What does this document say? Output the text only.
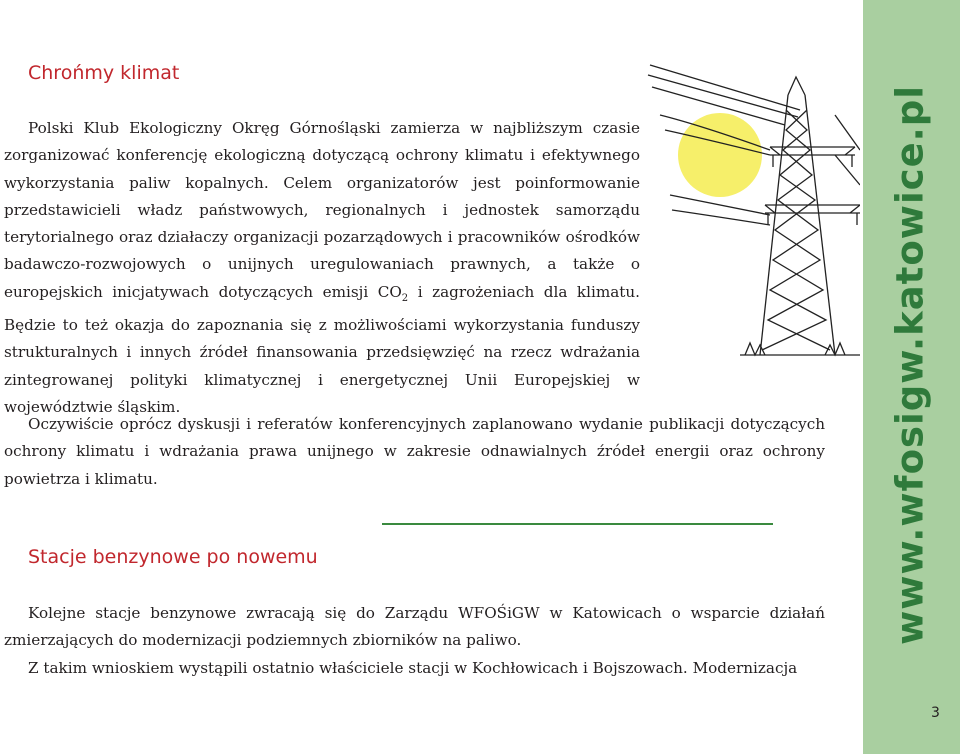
Chrońmy klimat

Polski Klub Ekologiczny Okręg Górnośląski zamierza w najbliższym czasie zorganizować konferencję ekologiczną dotyczącą ochrony klimatu i efektywnego wykorzystania paliw kopalnych. Celem organizatorów jest poinformowanie przedstawicieli władz państwowych, regionalnych i jednostek samorządu terytorialnego oraz działaczy organizacji pozarządowych i pracowników ośrodków badawczo-rozwojowych o unijnych uregulowaniach prawnych, a także o europejskich inicjatywach dotyczących emisji $CO_2$ i zagrożeniach dla klimatu. Będzie to też okazja do zapoznania się z możliwościami wykorzystania funduszy strukturalnych i innych źródeł finansowania przedsięwzięć na rzecz wdrażania zintegrowanej polityki klimatycznej i energetycznej Unii Europejskiej w województwie śląskim.

Oczywiście oprócz dyskusji i referatów konferencyjnych zaplanowano wydanie publikacji dotyczących ochrony klimatu i wdrażania prawa unijnego w zakresie odnawialnych źródeł energii oraz ochrony powietrza i klimatu.

Stacje benzynowe po nowemu

Kolejne stacje benzynowe zwracają się do Zarządu WFOŚiGW w Katowicach o wsparcie działań zmierzających do modernizacji podziemnych zbiorników na paliwo.
Z takim wnioskiem wystąpili ostatnio właściciele stacji w Kochłowicach i Bojszowach. Modernizacja

www.wfosigw.katowice.pl
3
